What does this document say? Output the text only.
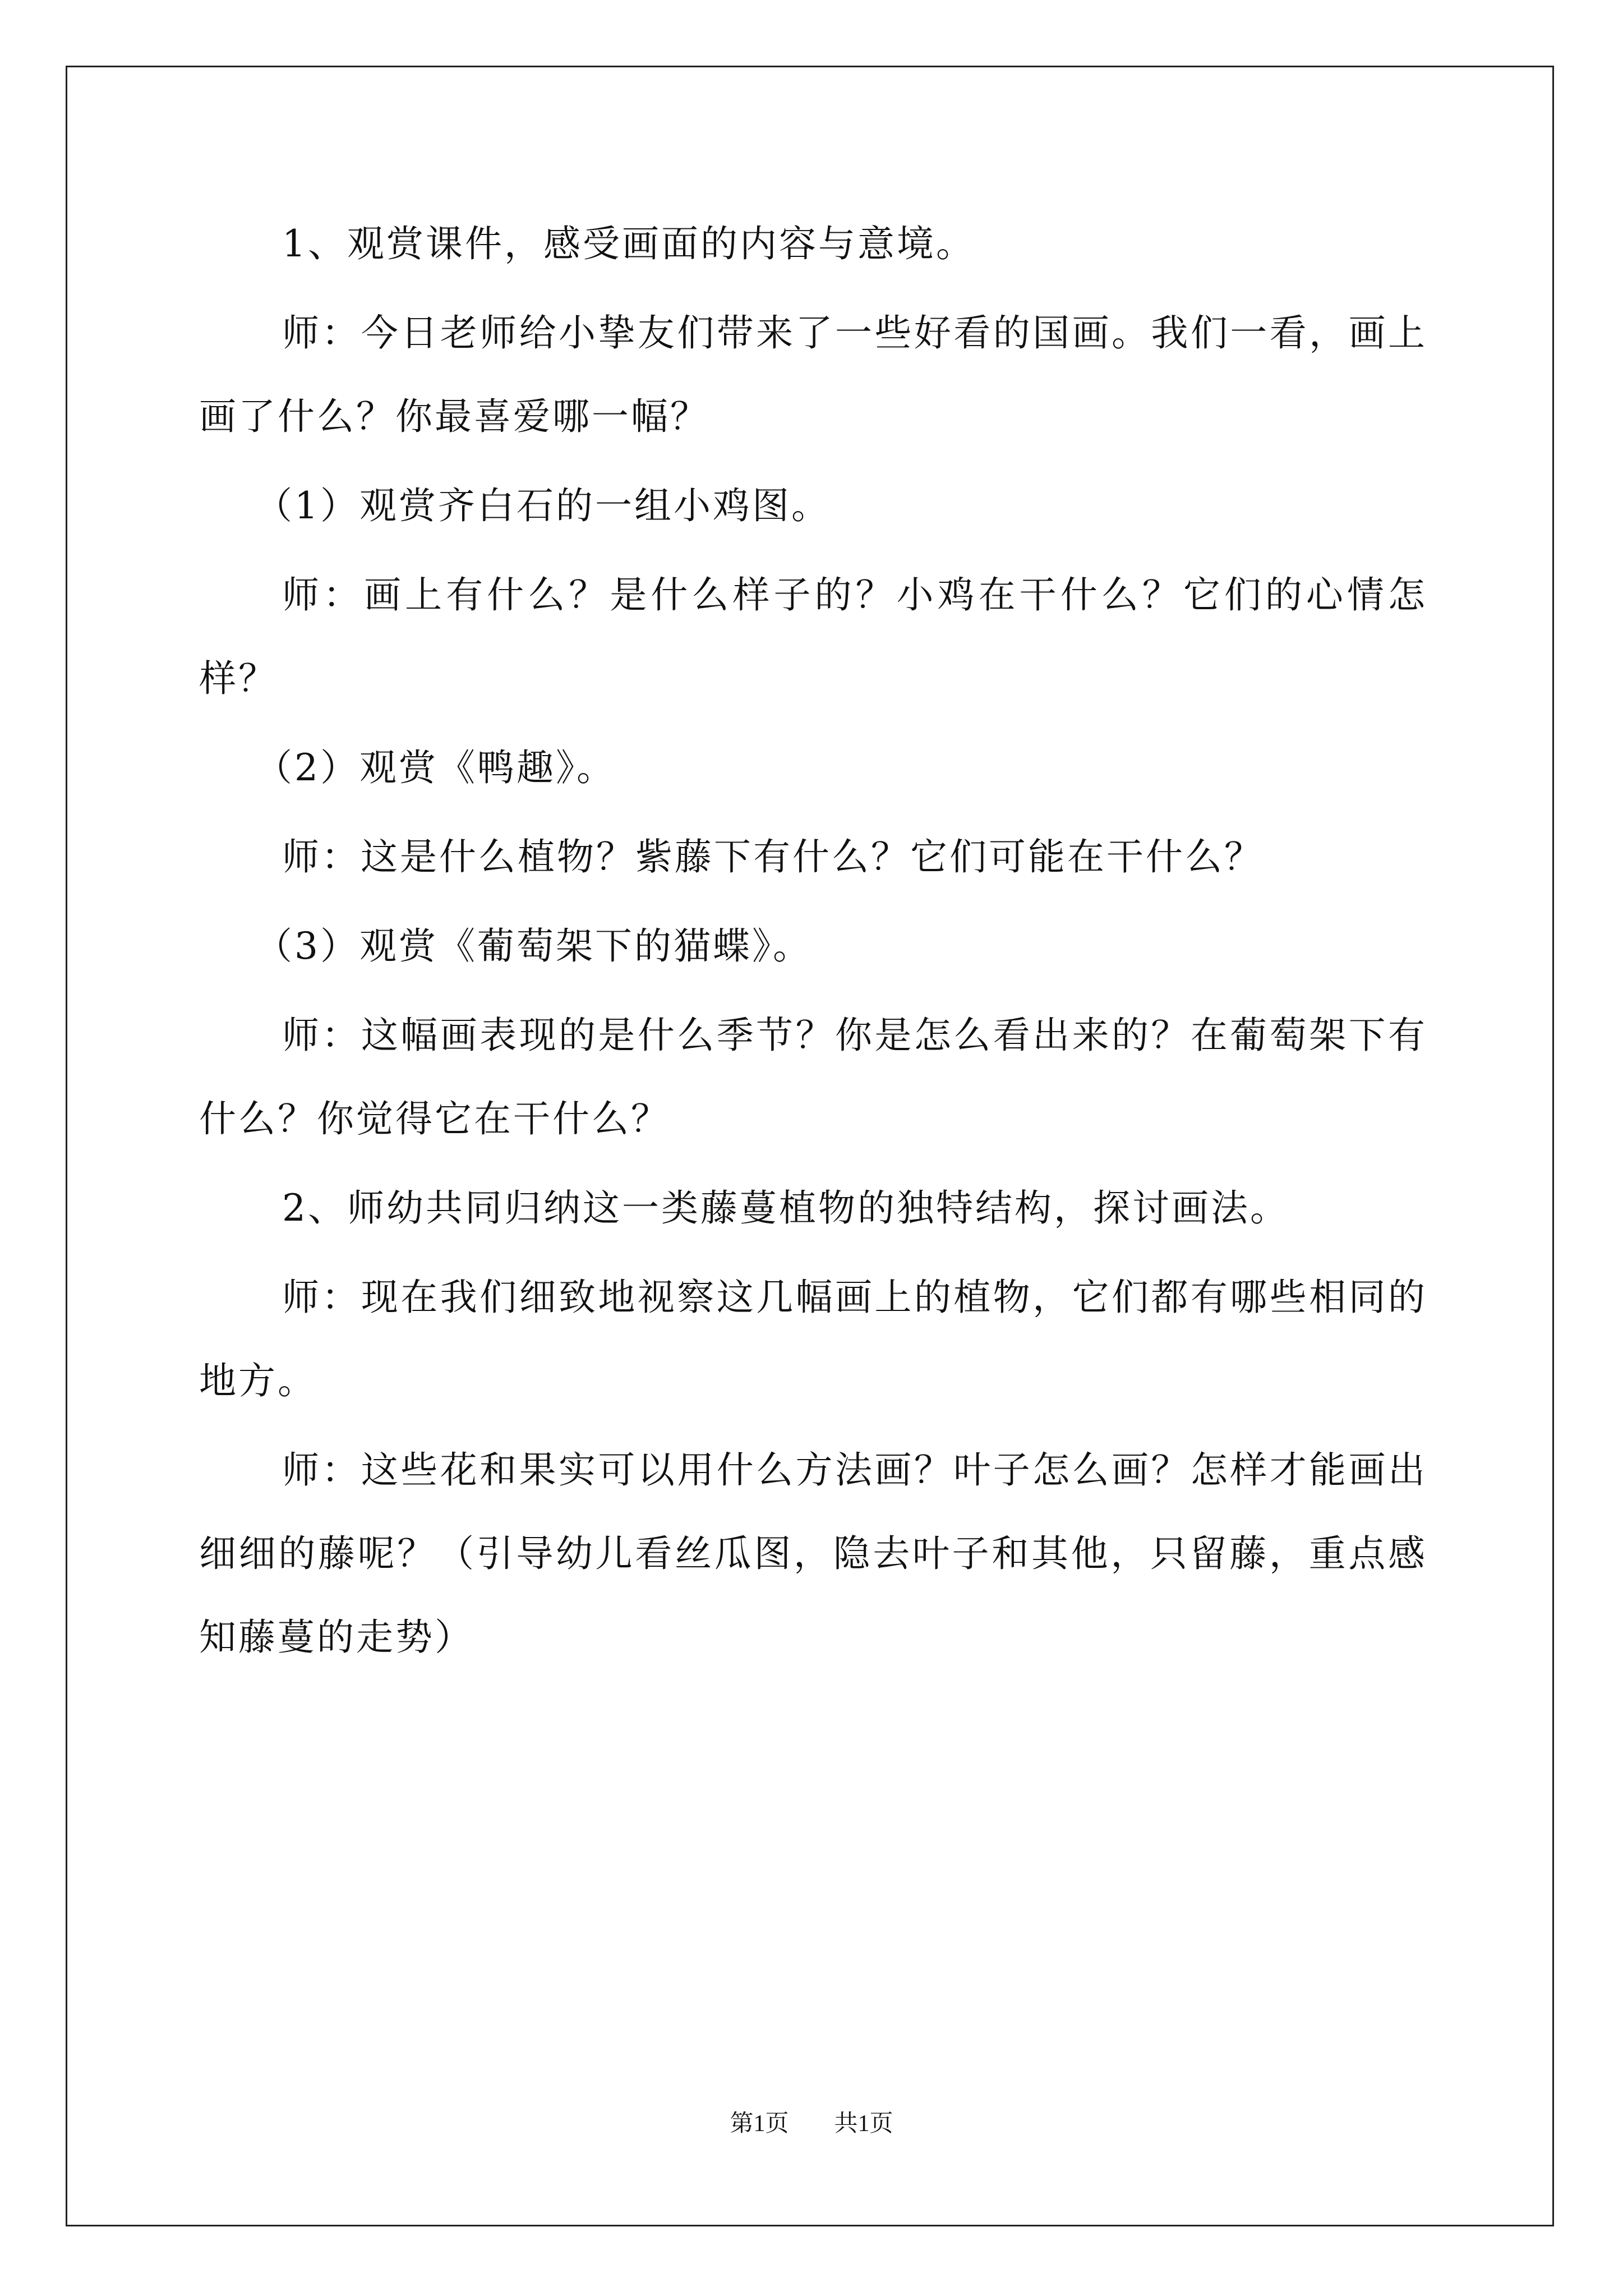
1、观赏课件，感受画面的内容与意境。

师：今日老师给小挚友们带来了一些好看的国画。我们一看，画上画了什么？你最喜爱哪一幅？

（1）观赏齐白石的一组小鸡图。

师：画上有什么？是什么样子的？小鸡在干什么？它们的心情怎样？

（2）观赏《鸭趣》。

师：这是什么植物？紫藤下有什么？它们可能在干什么？

（3）观赏《葡萄架下的猫蝶》。

师：这幅画表现的是什么季节？你是怎么看出来的？在葡萄架下有什么？你觉得它在干什么？

2、师幼共同归纳这一类藤蔓植物的独特结构，探讨画法。

师：现在我们细致地视察这几幅画上的植物，它们都有哪些相同的地方。

师：这些花和果实可以用什么方法画？叶子怎么画？怎样才能画出细细的藤呢？（引导幼儿看丝瓜图，隐去叶子和其他，只留藤，重点感知藤蔓的走势）

第1页 共1页
